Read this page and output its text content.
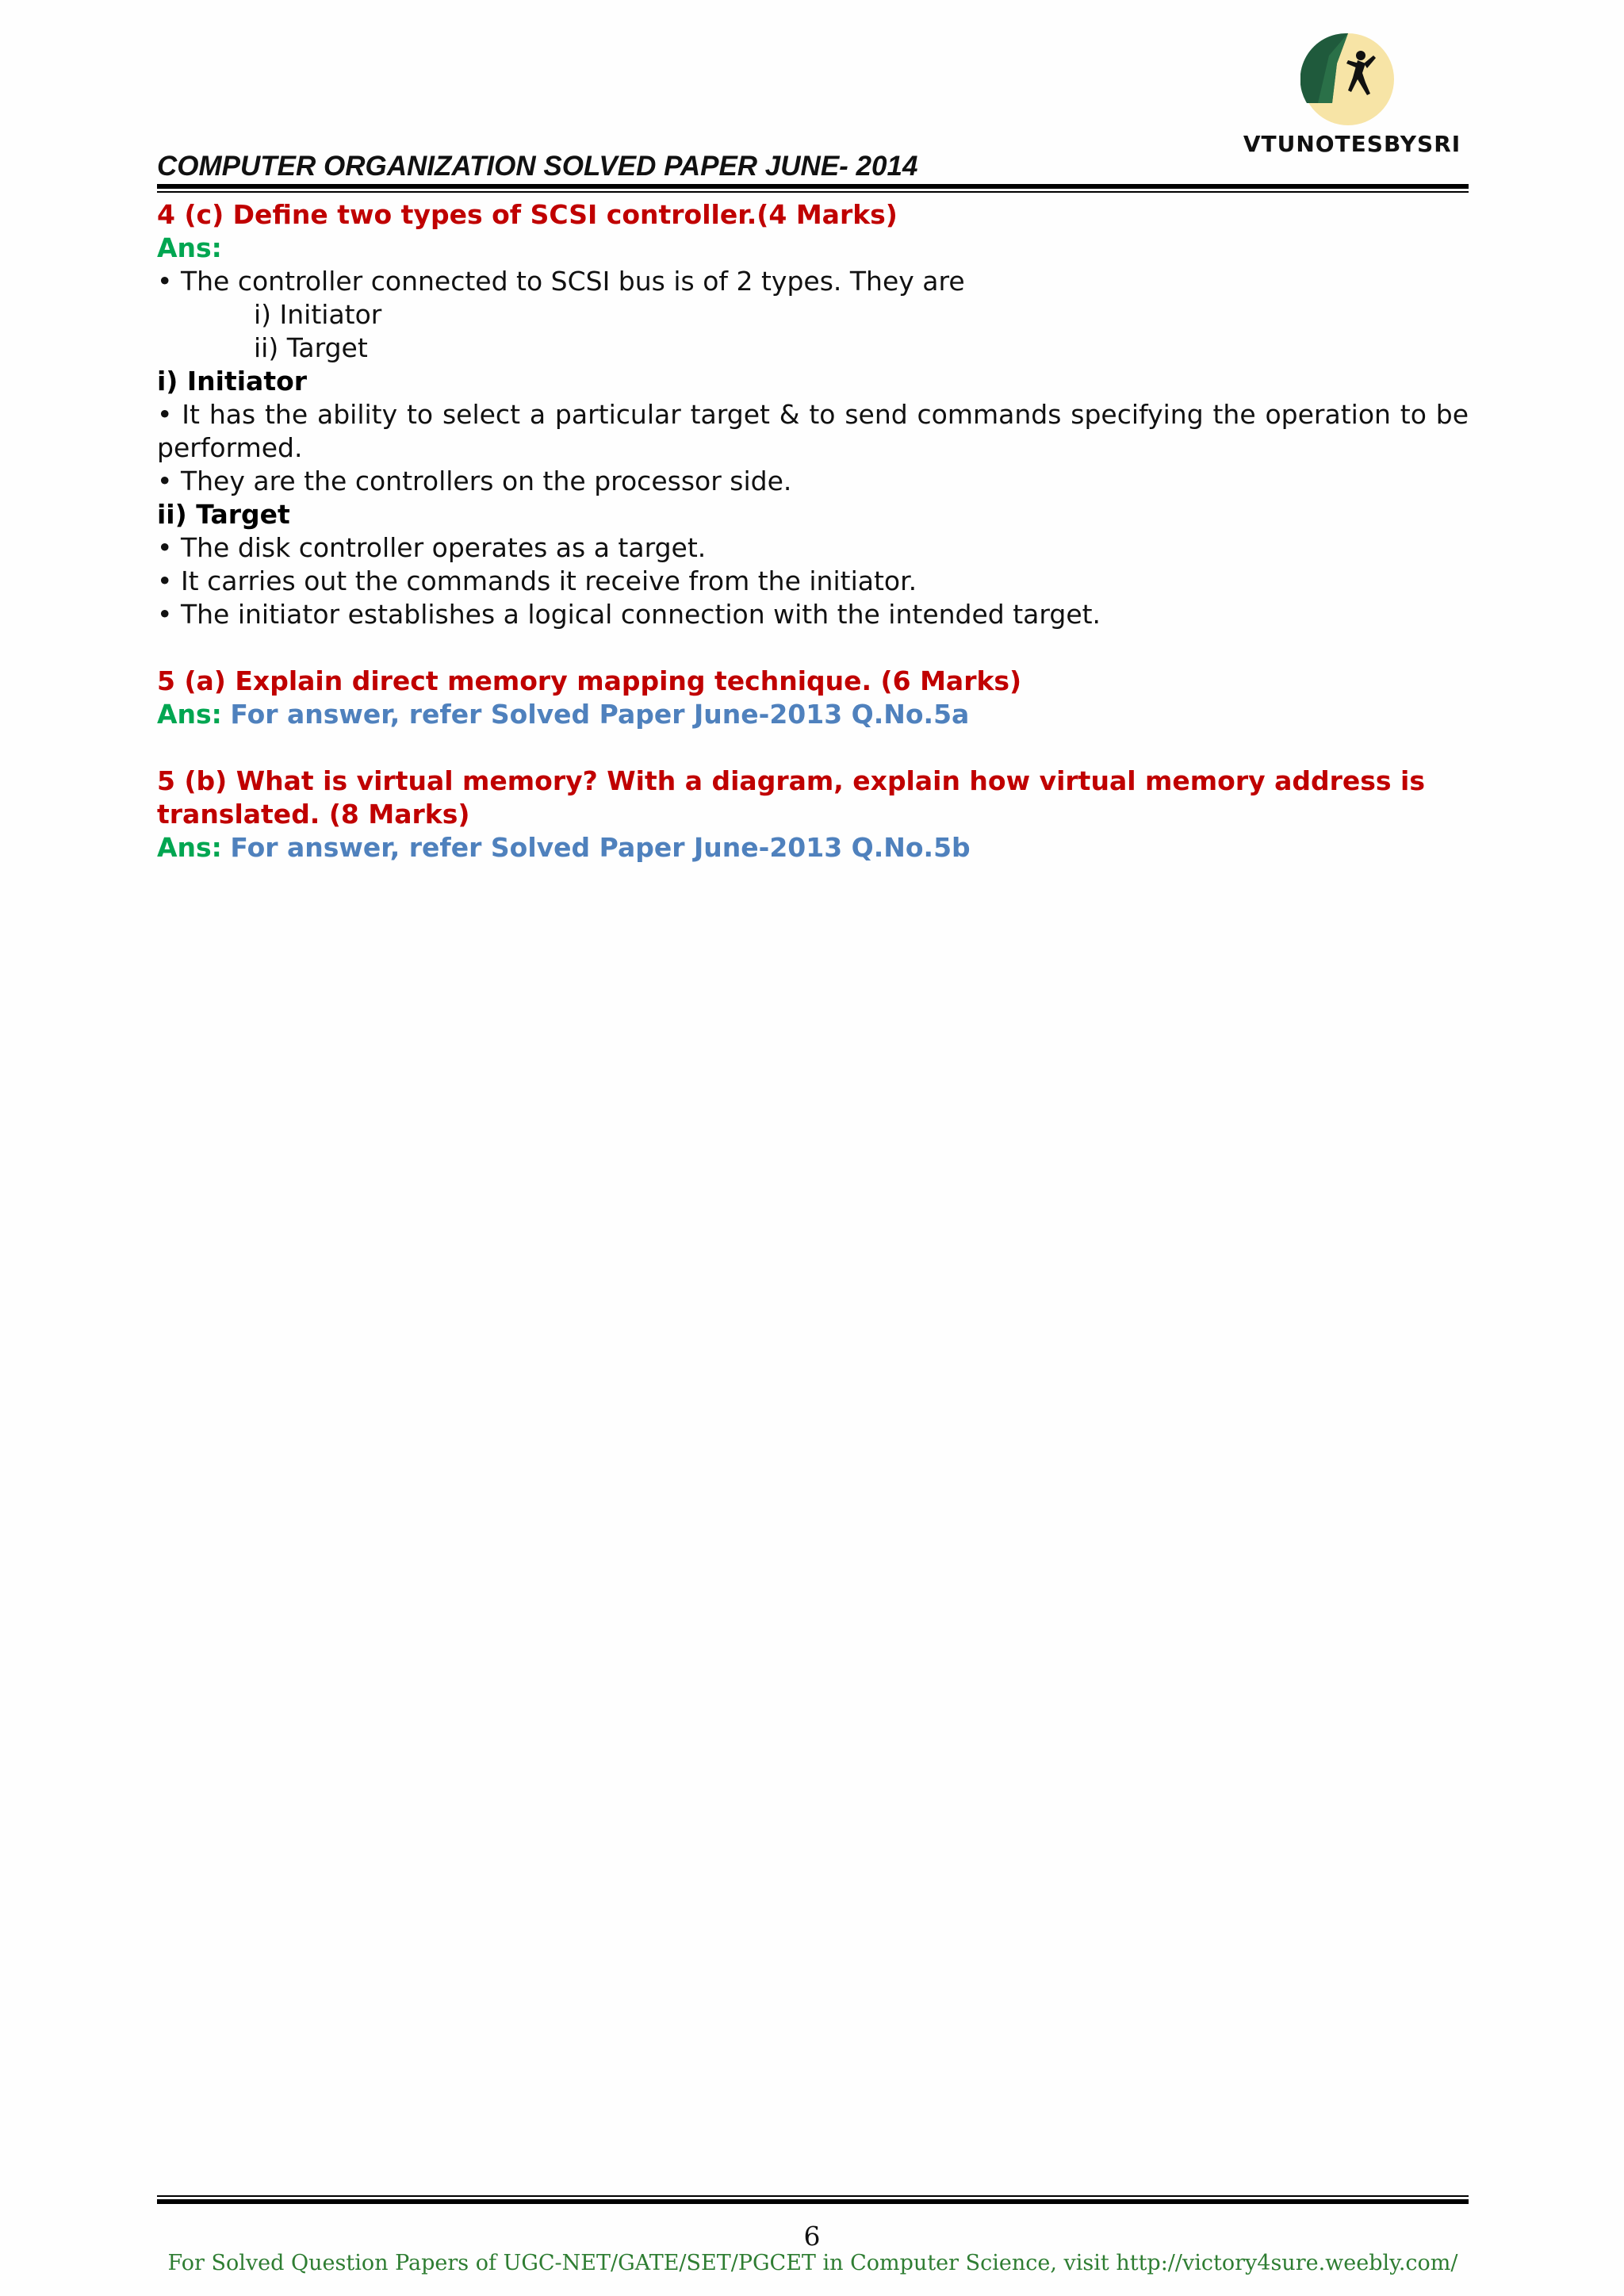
VTUNOTESBYSRI
COMPUTER ORGANIZATION SOLVED PAPER JUNE- 2014

4 (c) Define two types of SCSI controller.(4 Marks)

Ans:

• The controller connected to SCSI bus is of 2 types. They are

i) Initiator

ii) Target

i) Initiator

• It has the ability to select a particular target & to send commands specifying the operation to be performed.

• They are the controllers on the processor side.

ii) Target

• The disk controller operates as a target.

• It carries out the commands it receive from the initiator.

• The initiator establishes a logical connection with the intended target.

5 (a) Explain direct memory mapping technique. (6 Marks)

Ans: For answer, refer Solved Paper June-2013 Q.No.5a

5 (b) What is virtual memory? With a diagram, explain how virtual memory address is translated. (8 Marks)

Ans: For answer, refer Solved Paper June-2013 Q.No.5b

6
For Solved Question Papers of UGC-NET/GATE/SET/PGCET in Computer Science, visit http://victory4sure.weebly.com/
